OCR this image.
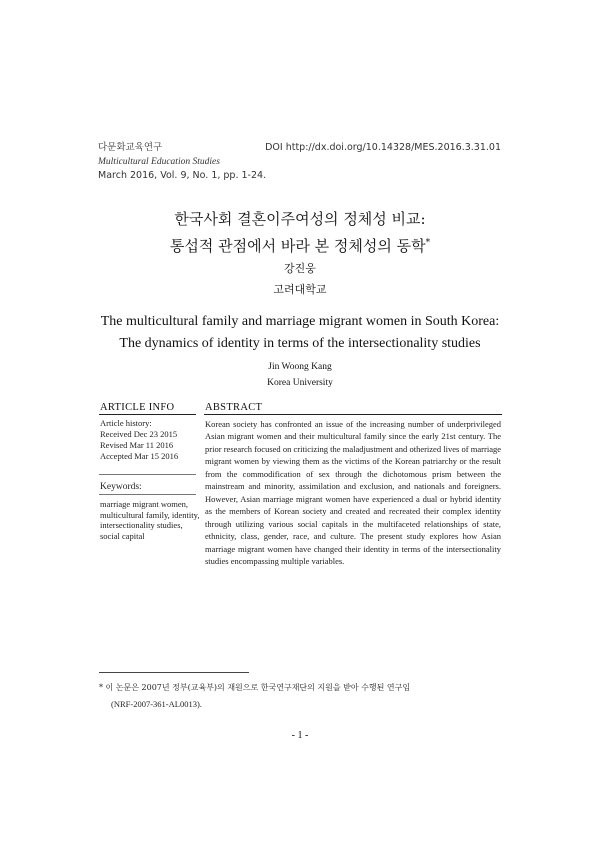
다문화교육연구
Multicultural Education Studies
March 2016, Vol. 9, No. 1, pp. 1-24.
DOI http://dx.doi.org/10.14328/MES.2016.3.31.01
한국사회 결혼이주여성의 정체성 비교:
통섭적 관점에서 바라 본 정체성의 동학*
강진웅
고려대학교
The multicultural family and marriage migrant women in South Korea:
The dynamics of identity in terms of the intersectionality studies
Jin Woong Kang
Korea University
ARTICLE INFO	ABSTRACT
Article history:
Received Dec 23 2015
Revised Mar 11 2016
Accepted Mar 15 2016
Keywords:
marriage migrant women, multicultural family, identity, intersectionality studies, social capital
Korean society has confronted an issue of the increasing number of underprivileged Asian migrant women and their multicultural family since the early 21st century. The prior research focused on criticizing the maladjustment and otherized lives of marriage migrant women by viewing them as the victims of the Korean patriarchy or the result from the commodification of sex through the dichotomous prism between the mainstream and minority, assimilation and exclusion, and nationals and foreigners. However, Asian marriage migrant women have experienced a dual or hybrid identity as the members of Korean society and created and recreated their complex identity through utilizing various social capitals in the multifaceted relationships of state, ethnicity, class, gender, race, and culture. The present study explores how Asian marriage migrant women have changed their identity in terms of the intersectionality studies encompassing multiple variables.
* 이 논문은 2007년 정부(교육부)의 재원으로 한국연구재단의 지원을 받아 수행된 연구임
(NRF-2007-361-AL0013).
- 1 -
